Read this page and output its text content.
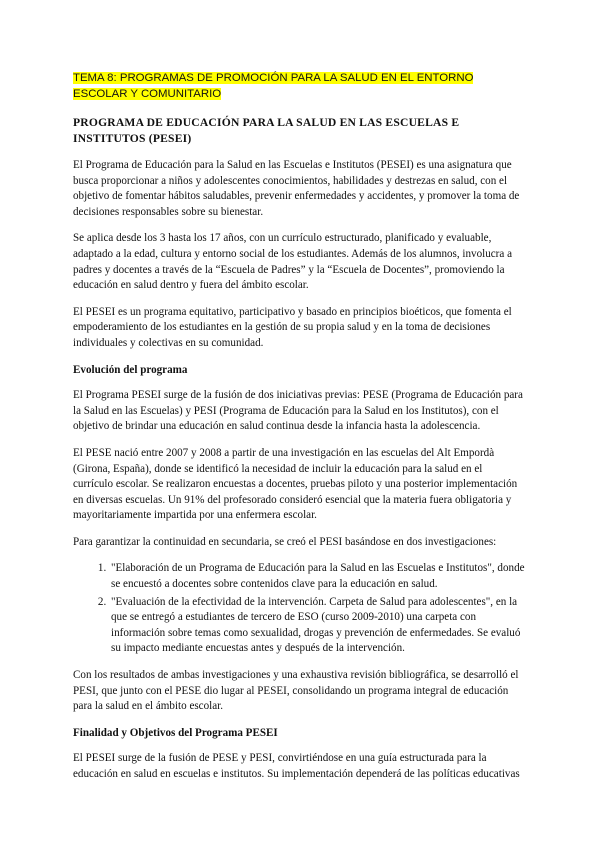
TEMA 8: PROGRAMAS DE PROMOCIÓN PARA LA SALUD EN EL ENTORNO ESCOLAR Y COMUNITARIO
PROGRAMA DE EDUCACIÓN PARA LA SALUD EN LAS ESCUELAS E INSTITUTOS (PESEI)

El Programa de Educación para la Salud en las Escuelas e Institutos (PESEI) es una asignatura que busca proporcionar a niños y adolescentes conocimientos, habilidades y destrezas en salud, con el objetivo de fomentar hábitos saludables, prevenir enfermedades y accidentes, y promover la toma de decisiones responsables sobre su bienestar.

Se aplica desde los 3 hasta los 17 años, con un currículo estructurado, planificado y evaluable, adaptado a la edad, cultura y entorno social de los estudiantes. Además de los alumnos, involucra a padres y docentes a través de la “Escuela de Padres” y la “Escuela de Docentes”, promoviendo la educación en salud dentro y fuera del ámbito escolar.

El PESEI es un programa equitativo, participativo y basado en principios bioéticos, que fomenta el empoderamiento de los estudiantes en la gestión de su propia salud y en la toma de decisiones individuales y colectivas en su comunidad.

Evolución del programa

El Programa PESEI surge de la fusión de dos iniciativas previas: PESE (Programa de Educación para la Salud en las Escuelas) y PESI (Programa de Educación para la Salud en los Institutos), con el objetivo de brindar una educación en salud continua desde la infancia hasta la adolescencia.

El PESE nació entre 2007 y 2008 a partir de una investigación en las escuelas del Alt Empordà (Girona, España), donde se identificó la necesidad de incluir la educación para la salud en el currículo escolar. Se realizaron encuestas a docentes, pruebas piloto y una posterior implementación en diversas escuelas. Un 91% del profesorado consideró esencial que la materia fuera obligatoria y mayoritariamente impartida por una enfermera escolar.

Para garantizar la continuidad en secundaria, se creó el PESI basándose en dos investigaciones:

1. "Elaboración de un Programa de Educación para la Salud en las Escuelas e Institutos", donde se encuestó a docentes sobre contenidos clave para la educación en salud.
2. "Evaluación de la efectividad de la intervención. Carpeta de Salud para adolescentes", en la que se entregó a estudiantes de tercero de ESO (curso 2009-2010) una carpeta con información sobre temas como sexualidad, drogas y prevención de enfermedades. Se evaluó su impacto mediante encuestas antes y después de la intervención.

Con los resultados de ambas investigaciones y una exhaustiva revisión bibliográfica, se desarrolló el PESI, que junto con el PESE dio lugar al PESEI, consolidando un programa integral de educación para la salud en el ámbito escolar.

Finalidad y Objetivos del Programa PESEI

El PESEI surge de la fusión de PESE y PESI, convirtiéndose en una guía estructurada para la educación en salud en escuelas e institutos. Su implementación dependerá de las políticas educativas
